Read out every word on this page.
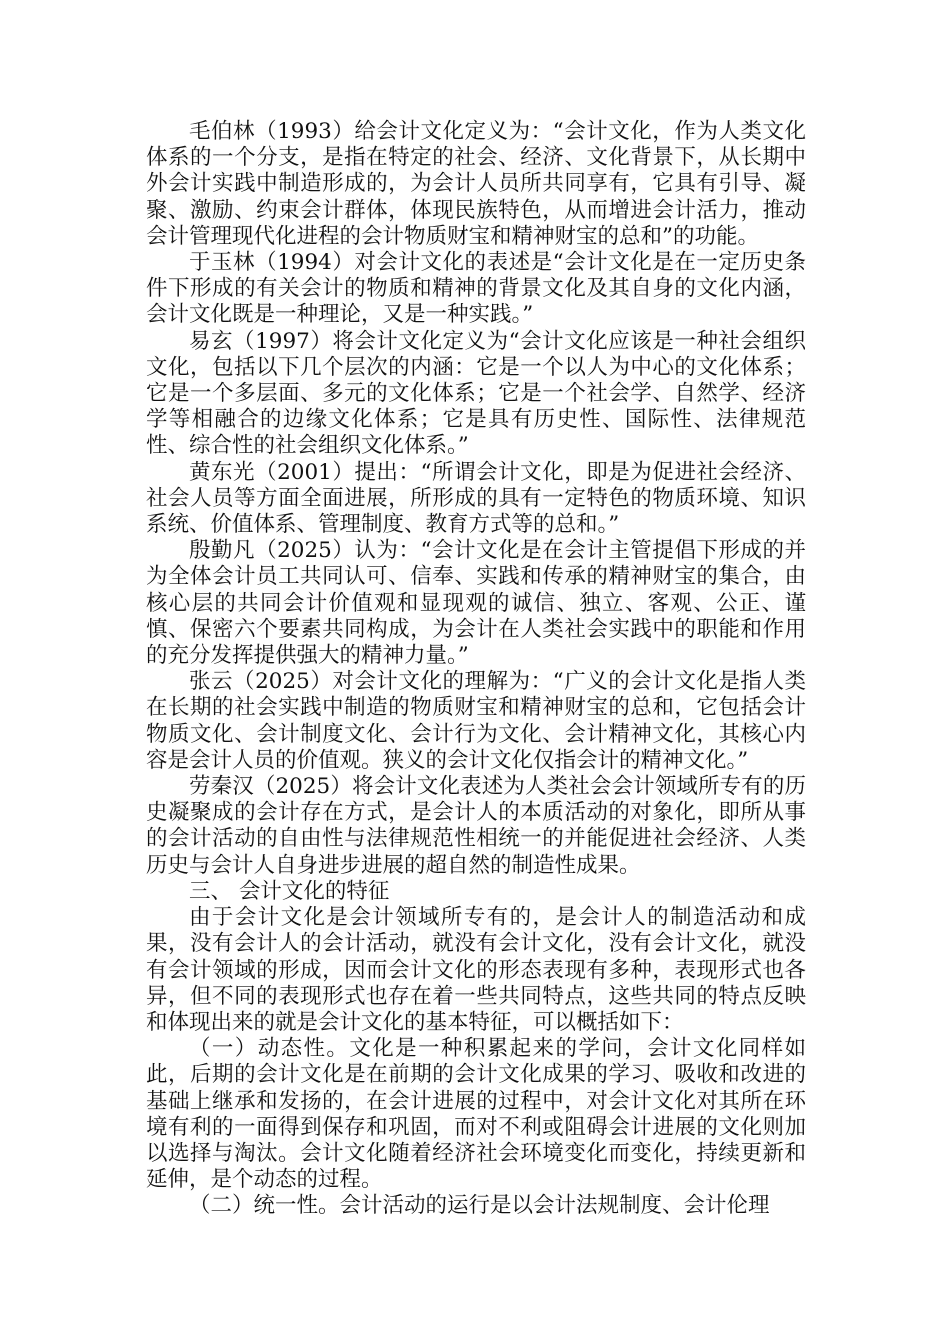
毛伯林（1993）给会计文化定义为：“会计文化，作为人类文化体系的一个分支，是指在特定的社会、经济、文化背景下，从长期中外会计实践中制造形成的，为会计人员所共同享有，它具有引导、凝聚、激励、约束会计群体，体现民族特色，从而增进会计活力，推动会计管理现代化进程的会计物质财宝和精神财宝的总和”的功能。

于玉林（1994）对会计文化的表述是“会计文化是在一定历史条件下形成的有关会计的物质和精神的背景文化及其自身的文化内涵，会计文化既是一种理论，又是一种实践。”

易玄（1997）将会计文化定义为“会计文化应该是一种社会组织文化，包括以下几个层次的内涵：它是一个以人为中心的文化体系；它是一个多层面、多元的文化体系；它是一个社会学、自然学、经济学等相融合的边缘文化体系；它是具有历史性、国际性、法律规范性、综合性的社会组织文化体系。”

黄东光（2001）提出：“所谓会计文化，即是为促进社会经济、社会人员等方面全面进展，所形成的具有一定特色的物质环境、知识系统、价值体系、管理制度、教育方式等的总和。”

殷勤凡（2025）认为：“会计文化是在会计主管提倡下形成的并为全体会计员工共同认可、信奉、实践和传承的精神财宝的集合，由核心层的共同会计价值观和显现观的诚信、独立、客观、公正、谨慎、保密六个要素共同构成，为会计在人类社会实践中的职能和作用的充分发挥提供强大的精神力量。”

张云（2025）对会计文化的理解为：“广义的会计文化是指人类在长期的社会实践中制造的物质财宝和精神财宝的总和，它包括会计物质文化、会计制度文化、会计行为文化、会计精神文化，其核心内容是会计人员的价值观。狭义的会计文化仅指会计的精神文化。”

劳秦汉（2025）将会计文化表述为人类社会会计领域所专有的历史凝聚成的会计存在方式，是会计人的本质活动的对象化，即所从事的会计活动的自由性与法律规范性相统一的并能促进社会经济、人类历史与会计人自身进步进展的超自然的制造性成果。

三、 会计文化的特征

由于会计文化是会计领域所专有的，是会计人的制造活动和成果，没有会计人的会计活动，就没有会计文化，没有会计文化，就没有会计领域的形成，因而会计文化的形态表现有多种，表现形式也各异，但不同的表现形式也存在着一些共同特点，这些共同的特点反映和体现出来的就是会计文化的基本特征，可以概括如下：

（一）动态性。文化是一种积累起来的学问，会计文化同样如此，后期的会计文化是在前期的会计文化成果的学习、吸收和改进的基础上继承和发扬的，在会计进展的过程中，对会计文化对其所在环境有利的一面得到保存和巩固，而对不利或阻碍会计进展的文化则加以选择与淘汰。会计文化随着经济社会环境变化而变化，持续更新和延伸，是个动态的过程。

（二）统一性。会计活动的运行是以会计法规制度、会计伦理
